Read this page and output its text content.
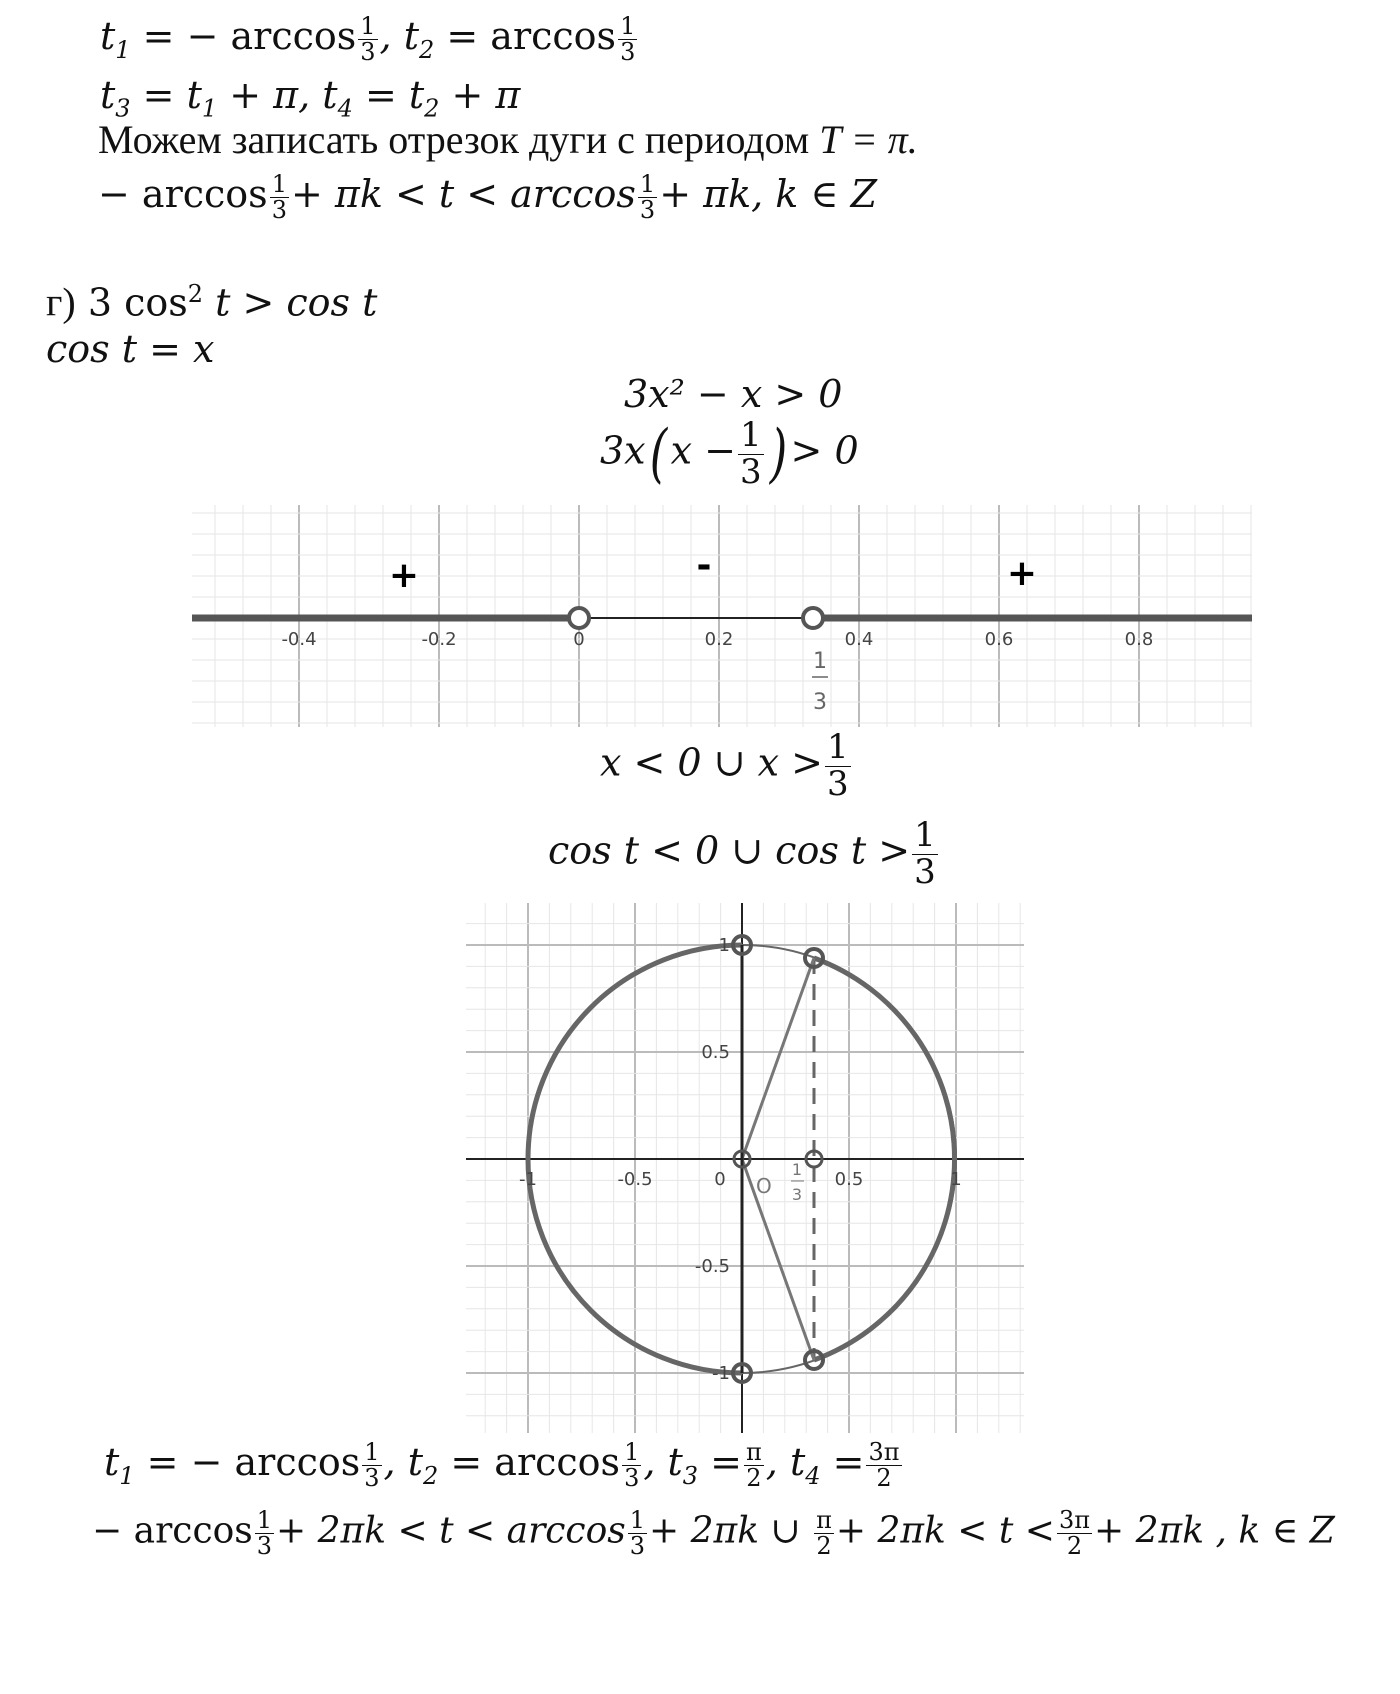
$t_1$ = − $\arccos \frac{1}{3}$ , $t_2 = \arccos \frac{1}{3}$
$t_3 = t_1 + \pi$, $t_4 = t_2 + \pi$
Можем записать отрезок дуги с периодом T = π.
− $\arccos \frac{1}{3} + \pi k < t < \arccos \frac{1}{3} + \pi k$, k ∈ Z
г) 3 $\cos^2 t > \cos t$
cos t = x
3x² − x > 0
$3x(x - \frac{1}{3}$ )> 0
-0.4	-0.2	0	0.2	0.4	0.6	0.8
+	-	+
1
3
x < 0 ∪ $x > \frac{1}{3}$
cos t < 0 ∪ $\cos t > \frac{1}{3}$
-1	-0.5	0	0.5	1
1
0.5
-0.5
-1
O
1
3
$t_1$ = − $\arccos \frac{1}{3}$ , $t_2 = \arccos \frac{1}{3}$ , $t_3 = \frac{\pi}{2}$ , $t_4 = \frac{3\pi}{2}$
− $\arccos \frac{1}{3} + 2\pi k < t < \arccos \frac{1}{3} + 2\pi k$ ∪ $\frac{\pi}{2} + 2\pi k < t < \frac{3\pi}{2} + 2\pi k$ , k ∈ Z
